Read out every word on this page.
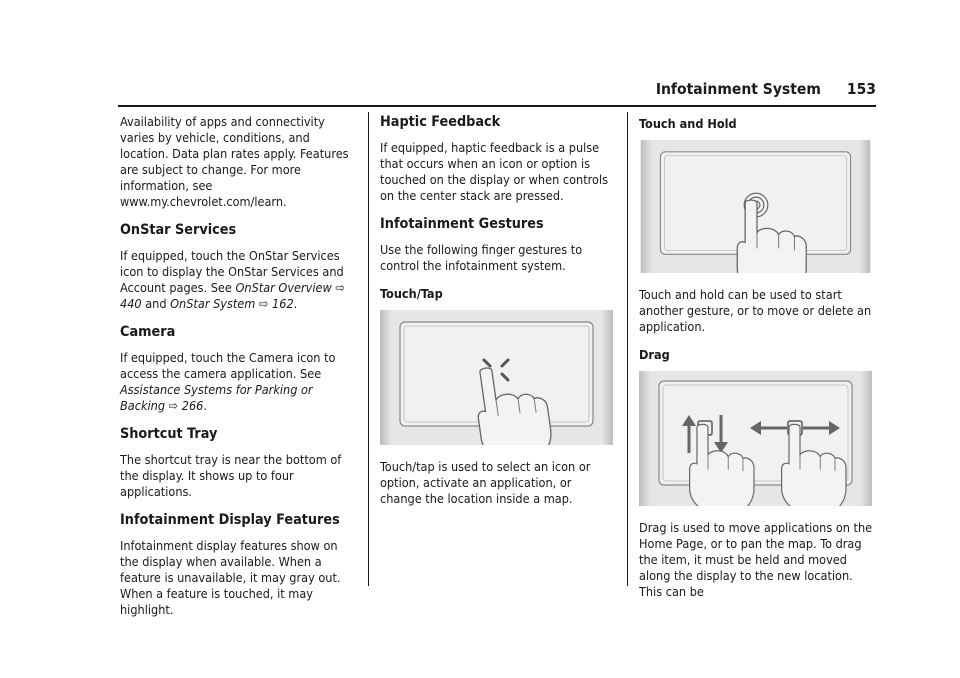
Infotainment System 153

Availability of apps and connectivity varies by vehicle, conditions, and location. Data plan rates apply. Features are subject to change. For more information, see www.my.chevrolet.com/learn.

OnStar Services

If equipped, touch the OnStar Services icon to display the OnStar Services and Account pages. See OnStar Overview ⇨ 440 and OnStar System ⇨ 162.

Camera

If equipped, touch the Camera icon to access the camera application. See Assistance Systems for Parking or Backing ⇨ 266.

Shortcut Tray

The shortcut tray is near the bottom of the display. It shows up to four applications.

Infotainment Display Features

Infotainment display features show on the display when available. When a feature is unavailable, it may gray out. When a feature is touched, it may highlight.

Haptic Feedback

If equipped, haptic feedback is a pulse that occurs when an icon or option is touched on the display or when controls on the center stack are pressed.

Infotainment Gestures

Use the following finger gestures to control the infotainment system.

Touch/Tap

Touch/tap is used to select an icon or option, activate an application, or change the location inside a map.

Touch and Hold

Touch and hold can be used to start another gesture, or to move or delete an application.

Drag

Drag is used to move applications on the Home Page, or to pan the map. To drag the item, it must be held and moved along the display to the new location. This can be
